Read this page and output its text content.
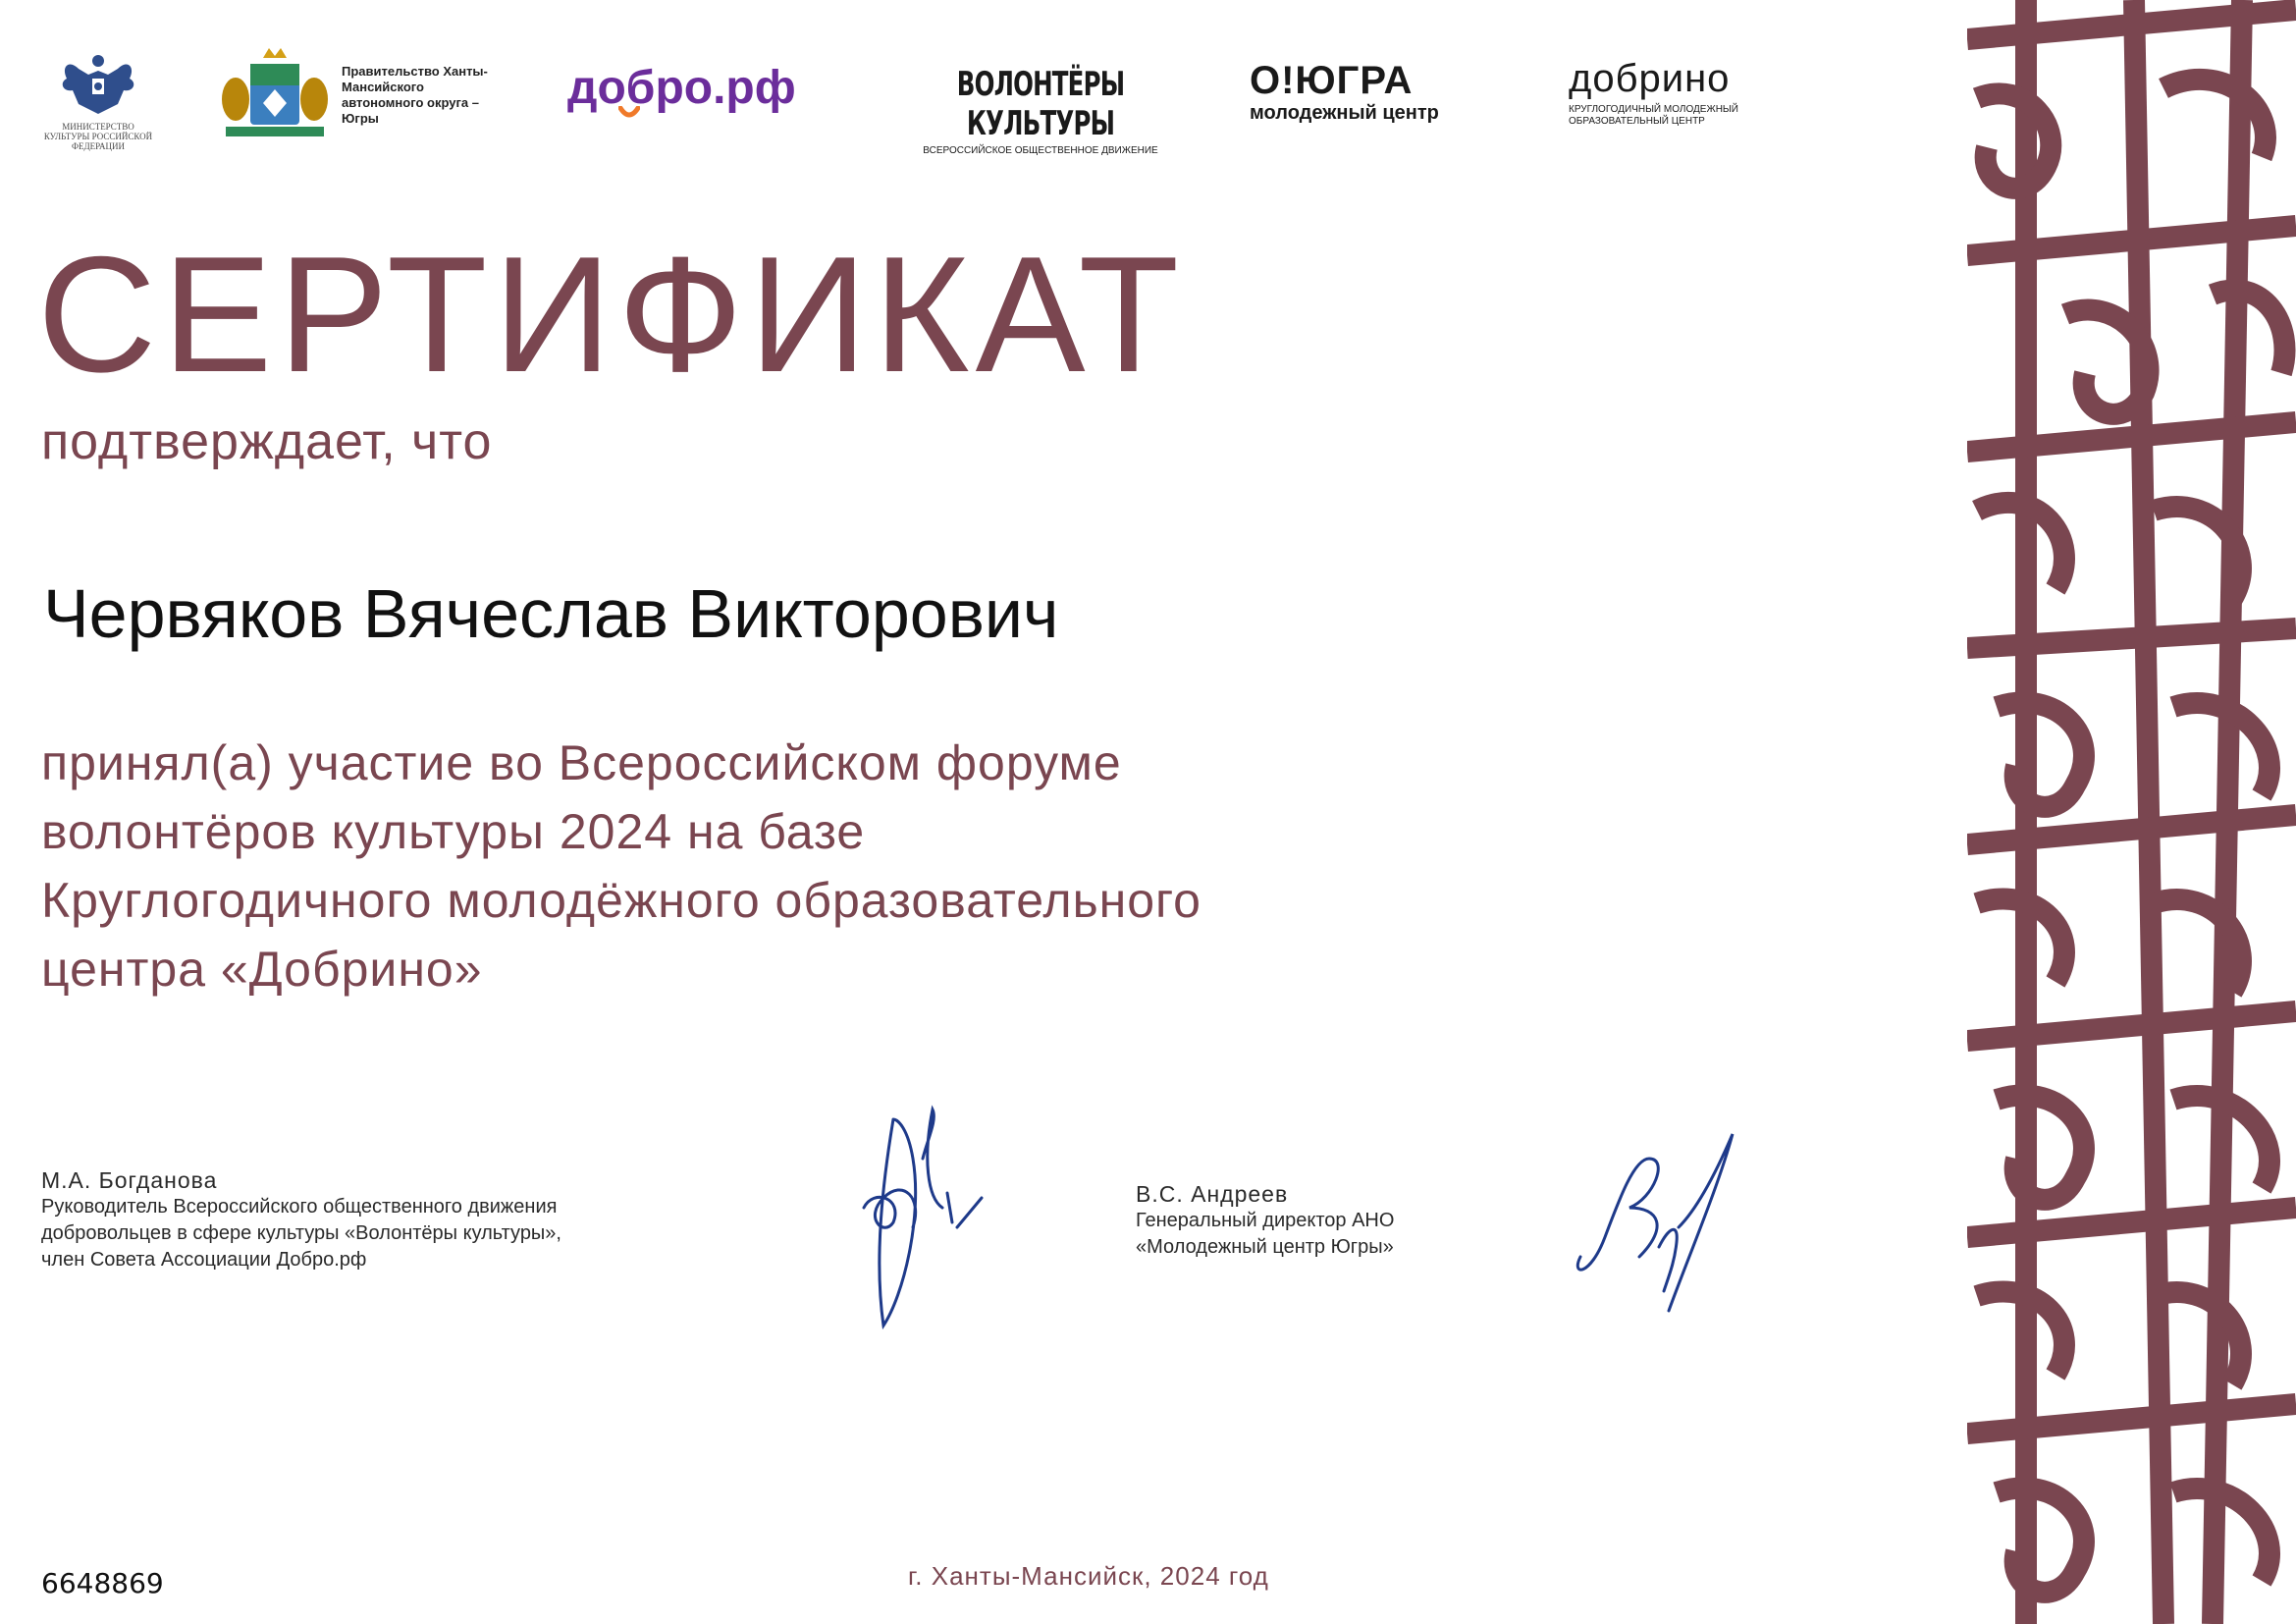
МИНИСТЕРСТВО КУЛЬТУРЫ РОССИЙСКОЙ ФЕДЕРАЦИИ
Правительство Ханты-Мансийского автономного округа – Югры
добро.рф	ВОЛОНТЁРЫ КУЛЬТУРЫ
ВСЕРОССИЙСКОЕ ОБЩЕСТВЕННОЕ ДВИЖЕНИЕ
О!ЮГРА
молодежный центр
добрино
КРУГЛОГОДИЧНЫЙ МОЛОДЕЖНЫЙ ОБРАЗОВАТЕЛЬНЫЙ ЦЕНТР
СЕРТИФИКАТ
подтверждает, что
Червяков Вячеслав Викторович
принял(а) участие во Всероссийском форуме
волонтёров культуры 2024 на базе
Круглогодичного молодёжного образовательного
центра «Добрино»
М.А. Богданова
Руководитель Всероссийского общественного движения
добровольцев в сфере культуры «Волонтёры культуры»,
член Совета Ассоциации Добро.рф
В.С. Андреев
Генеральный директор АНО
«Молодежный центр Югры»
6648869	г. Ханты-Мансийск, 2024 год
